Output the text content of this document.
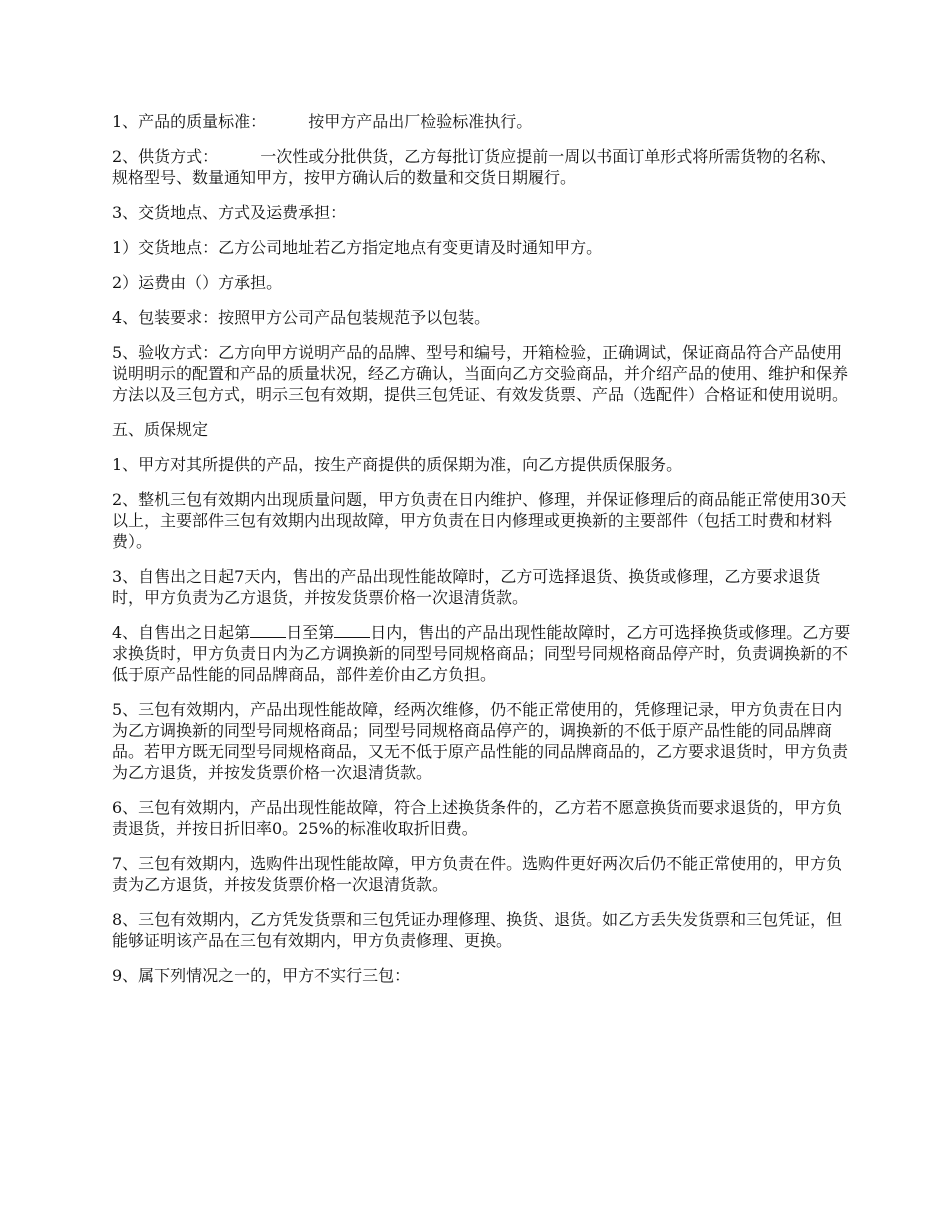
1、产品的质量标准：	按甲方产品出厂检验标准执行。

2、供货方式：	一次性或分批供货，乙方每批订货应提前一周以书面订单形式将所需货物的名称、规格型号、数量通知甲方，按甲方确认后的数量和交货日期履行。

3、交货地点、方式及运费承担：

1）交货地点：乙方公司地址若乙方指定地点有变更请及时通知甲方。

2）运费由（）方承担。

4、包装要求：按照甲方公司产品包装规范予以包装。

5、验收方式：乙方向甲方说明产品的品牌、型号和编号，开箱检验，正确调试，保证商品符合产品使用说明明示的配置和产品的质量状况，经乙方确认，当面向乙方交验商品，并介绍产品的使用、维护和保养方法以及三包方式，明示三包有效期，提供三包凭证、有效发货票、产品（选配件）合格证和使用说明。

五、质保规定

1、甲方对其所提供的产品，按生产商提供的质保期为准，向乙方提供质保服务。

2、整机三包有效期内出现质量问题，甲方负责在日内维护、修理，并保证修理后的商品能正常使用30天以上，主要部件三包有效期内出现故障，甲方负责在日内修理或更换新的主要部件（包括工时费和材料费）。

3、自售出之日起7天内，售出的产品出现性能故障时，乙方可选择退货、换货或修理，乙方要求退货时，甲方负责为乙方退货，并按发货票价格一次退清货款。

4、自售出之日起第 日至第 日内，售出的产品出现性能故障时，乙方可选择换货或修理。乙方要求换货时，甲方负责日内为乙方调换新的同型号同规格商品；同型号同规格商品停产时，负责调换新的不低于原产品性能的同品牌商品，部件差价由乙方负担。

5、三包有效期内，产品出现性能故障，经两次维修，仍不能正常使用的，凭修理记录，甲方负责在日内为乙方调换新的同型号同规格商品；同型号同规格商品停产的，调换新的不低于原产品性能的同品牌商品。若甲方既无同型号同规格商品，又无不低于原产品性能的同品牌商品的，乙方要求退货时，甲方负责为乙方退货，并按发货票价格一次退清货款。

6、三包有效期内，产品出现性能故障，符合上述换货条件的，乙方若不愿意换货而要求退货的，甲方负责退货，并按日折旧率0。25%的标准收取折旧费。

7、三包有效期内，选购件出现性能故障，甲方负责在件。选购件更好两次后仍不能正常使用的，甲方负责为乙方退货，并按发货票价格一次退清货款。

8、三包有效期内，乙方凭发货票和三包凭证办理修理、换货、退货。如乙方丢失发货票和三包凭证，但能够证明该产品在三包有效期内，甲方负责修理、更换。

9、属下列情况之一的，甲方不实行三包：
